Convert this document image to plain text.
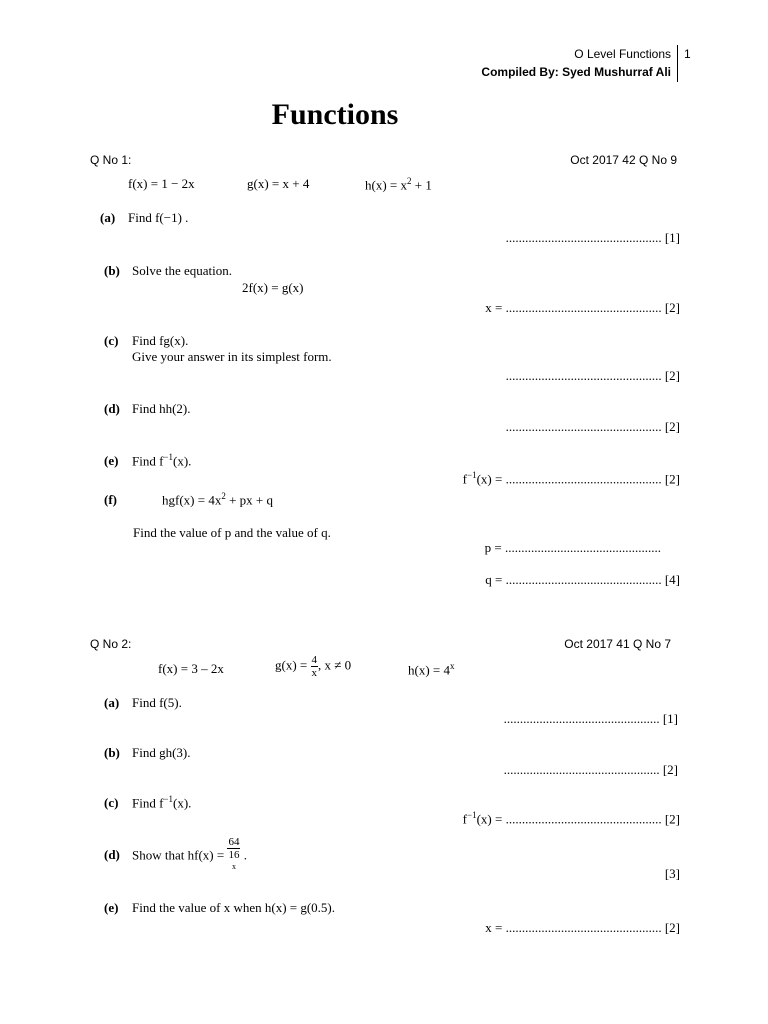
O Level Functions
Compiled By: Syed Mushurraf Ali
1
Functions
Q No 1:	Oct 2017 42 Q No 9
f(x) = 1 − 2x	g(x) = x + 4	$h(x) = x^2 + 1$
(a) Find f(−1) .
................................................ [1]
(b) Solve the equation.
2f(x) = g(x)
x = ................................................ [2]
(c) Find fg(x).
Give your answer in its simplest form.
................................................ [2]
(d) Find hh(2).
................................................ [2]
(e) Find $f^{-1}(x)$.
$f^{-1}(x)$ = ................................................ [2]
(f)	$hgf(x) = 4x^2$ + px + q
Find the value of p and the value of q.
p = ................................................
q = ................................................ [4]
Q No 2:	Oct 2017 41 Q No 7
f(x) = 3 – 2x	$g(x) = \frac{4}{x}$ , x ≠ 0	$h(x) = 4^x$
(a) Find f(5).
................................................ [1]
(b) Find gh(3).
................................................ [2]
(c) Find $f^{-1}(x)$.
$f^{-1}(x)$ = ................................................ [2]
(d) Show that hf(x) = 64
16
$^x$ .
[3]
(e) Find the value of x when h(x) = g(0.5).
x = ................................................ [2]
